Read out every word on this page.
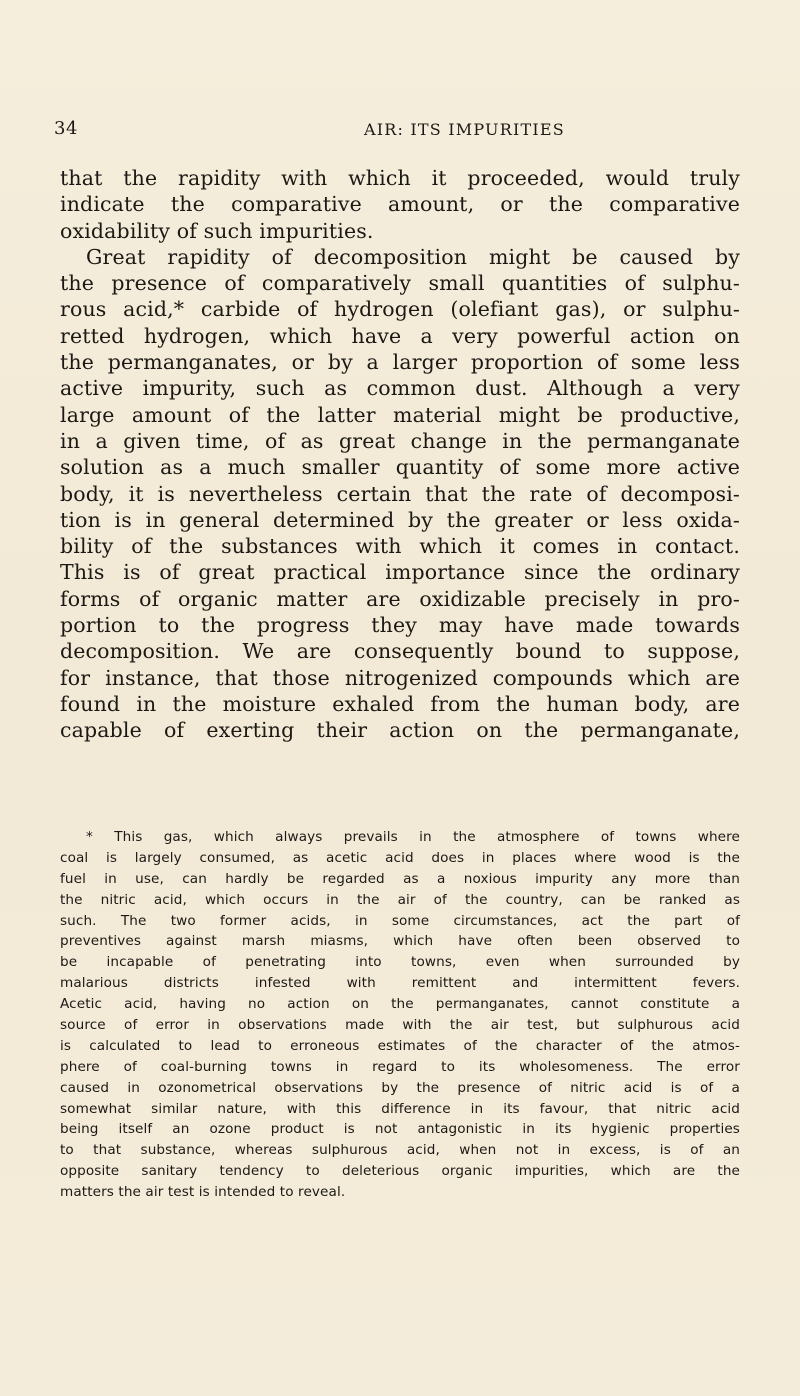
34	AIR: ITS IMPURITIES
that the rapidity with which it proceeded, would truly
indicate the comparative amount, or the comparative
oxidability of such impurities.
Great rapidity of decomposition might be caused by
the presence of comparatively small quantities of sulphu-
rous acid,* carbide of hydrogen (olefiant gas), or sulphu-
retted hydrogen, which have a very powerful action on
the permanganates, or by a larger proportion of some less
active impurity, such as common dust. Although a very
large amount of the latter material might be productive,
in a given time, of as great change in the permanganate
solution as a much smaller quantity of some more active
body, it is nevertheless certain that the rate of decomposi-
tion is in general determined by the greater or less oxida-
bility of the substances with which it comes in contact.
This is of great practical importance since the ordinary
forms of organic matter are oxidizable precisely in pro-
portion to the progress they may have made towards
decomposition. We are consequently bound to suppose,
for instance, that those nitrogenized compounds which are
found in the moisture exhaled from the human body, are
capable of exerting their action on the permanganate,
* This gas, which always prevails in the atmosphere of towns where
coal is largely consumed, as acetic acid does in places where wood is the
fuel in use, can hardly be regarded as a noxious impurity any more than
the nitric acid, which occurs in the air of the country, can be ranked as
such. The two former acids, in some circumstances, act the part of
preventives against marsh miasms, which have often been observed to
be incapable of penetrating into towns, even when surrounded by
malarious districts infested with remittent and intermittent fevers.
Acetic acid, having no action on the permanganates, cannot constitute a
source of error in observations made with the air test, but sulphurous acid
is calculated to lead to erroneous estimates of the character of the atmos-
phere of coal-burning towns in regard to its wholesomeness. The error
caused in ozonometrical observations by the presence of nitric acid is of a
somewhat similar nature, with this difference in its favour, that nitric acid
being itself an ozone product is not antagonistic in its hygienic properties
to that substance, whereas sulphurous acid, when not in excess, is of an
opposite sanitary tendency to deleterious organic impurities, which are the
matters the air test is intended to reveal.
